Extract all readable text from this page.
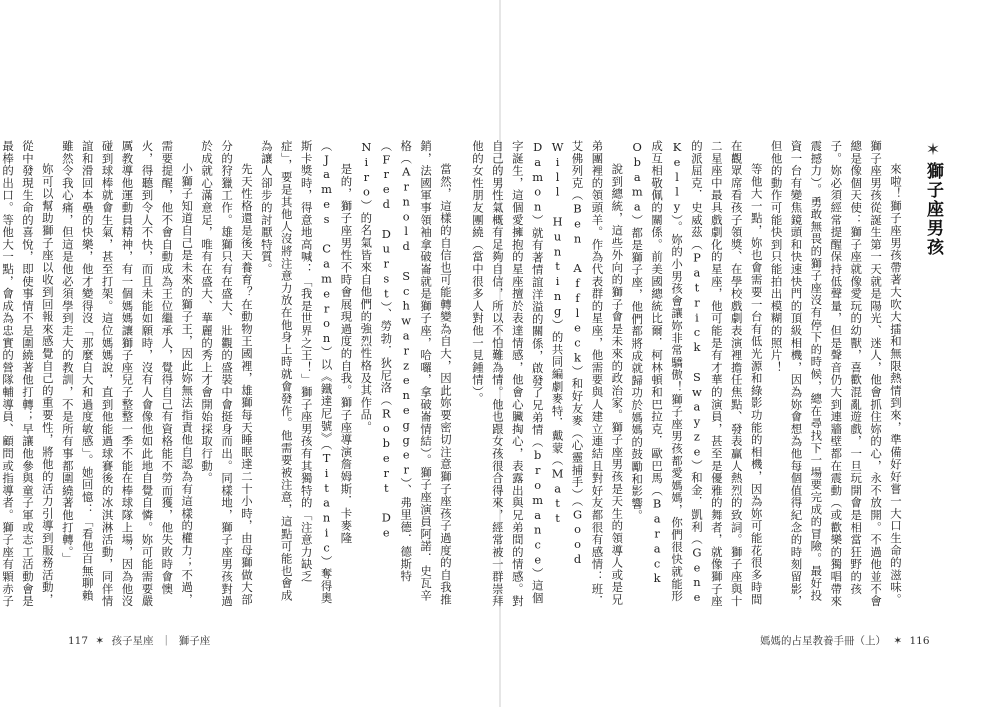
✶獅子座男孩

來啦！獅子座男孩帶著大吹大擂和無限熱情到來，準備好好嘗一大口生命的滋味。獅子座男孩從誕生第一天就是陽光、迷人，他會抓住妳的心，永不放開。不過他並不會總是像個天使：獅子座就像愛玩的幼獸，喜歡混亂遊戲，一旦玩開會是相當狂野的孩子。妳必須經常提醒保持低聲量，但是聲音仍大到連牆壁都在震動（或歡樂的獨唱帶來震撼力）。勇敢無畏的獅子座沒有停下的時候，總在尋找下一場要完成的冒險。最好投資一台有變焦鏡頭和快速快門的頂級相機，因為妳會想為他每個值得紀念的時刻留影，但他的動作可能快到只能拍出模糊的照片！

等他大一點，妳也會需要一台有低光源和綠影功能的相機，因為妳可能花很多時間在觀眾席看孩子領獎、在學校戲劇表演裡擔任焦點、發表贏人熱烈的致詞。獅子座與十二星座中最具戲劇化的星座，他可能是有才華的演員，甚至是優雅的舞者，就像獅子座的派屈克．史威茲（Patrick Swayze）和金．凱利（Gene Kelly）。妳的小男孩會讓妳非常驕傲！獅子座男孩都愛媽媽，你們很快就能形成互相敬佩的關係。前美國總統比爾．柯林頓和巴拉克．歐巴馬（Barack Obama）都是獅子座，他們都將成就歸功於媽媽的鼓勵和影響。

說到總統，這些外向的獅子會是未來的政治家。獅子座男孩是天生的領導人或是兄弟團裡的領頭羊。作為代表群的星座，他需要與人建立連結且對好友都很有感情：班．艾佛列克（Ben Affleck）和好友麥（心靈捕手）（Good Will Hunting）的共同編劇麥特．戴蒙（Matt Damon）就有著情誼洋溢的關係，啟發了兄弟情（bromance）這個字誕生，這個愛擁抱的星座擅於表達情感，他會心臟掏心，表露出與兄弟間的情感。對自己的男性氣概有足夠自信，所以不怕難為情。他也跟女孩很合得來，經常被一群崇拜他的女性朋友團繞（當中很多人對他一見鍾情）。

媽媽的占星教養手冊（上） ✶ 116

當然，這樣的自信也可能轉變為自大，因此妳要密切注意獅子座孩子過度的自我推銷，法國軍事領袖拿破崙就是獅子座，哈囉，拿破崙情結）。獅子座演員阿諾．史瓦辛格（Arnold Schwarzenegger）、弗里德．德斯特（Fred Durst）、勞勃．狄尼洛（Robert De Niro）的名氣皆來自他們的強烈性格及其作品。

是的，獅子座男性不時會展現過度的自我。獅子座導演詹姆斯．卡麥隆（James Cameron）以《鐵達尼號》（Titanic）奪得奧斯卡獎時，得意地高喊：「我是世界之王！」獅子座男孩有其獨特的「注意力缺乏症」，要是其他人沒將注意力放在他身上時就會發作。他需要被注意，這點可能也會成為讓人卻步的討厭特質。

先天性格還是後天養育？在動物王國裡，雄獅每天睡眠達二十小時，由母獅做大部分的狩獵工作。雄獅只有在盛大、壯觀的盛裝中會挺身而出。同樣地，獅子座男孩對過於成就心滿意足，唯有在盛大、華麗的秀上才會開始採取行動。

小獅子知道自己是未來的獅子王，因此妳無法指責他自認為有這樣的權力；不過，需要提醒，他不會自動成為王位繼承人，覺得自己有資格能不勞而獲，他失敗時會懊火，得聽到令人不快，而且未能如願時，沒有人會像他如此地自覺自憐。妳可能需要嚴厲教導他運動員精神，有一個媽媽讓獅子座兒子整整一季不能在棒球隊上場，因為他沒碰到球棒就會生氣，甚至打架。這位媽媽說，直到他能過球賽後的冰淇淋活動，同伴情誼和滑回本壘的快樂，他才變得沒「那麼自大和過度敏感」。她回憶：「看他百無聊賴雖然令我心痛，但這是他必須學到走大的教訓，不是所有事都圍繞著他打轉。」

妳可以幫助獅子座以收到回報來感覺自己的重要性，將他的活力引導到服務活動，從中發現生命的喜悅，即使事情不是圍繞著他打轉；早讓他參與童子軍或志工活動會是最棒的出口。等他大一點，會成為忠實的營隊輔導員、顧問或指導者。獅子座有顆赤子

117 ✶ 孩子星座 ｜ 獅子座
